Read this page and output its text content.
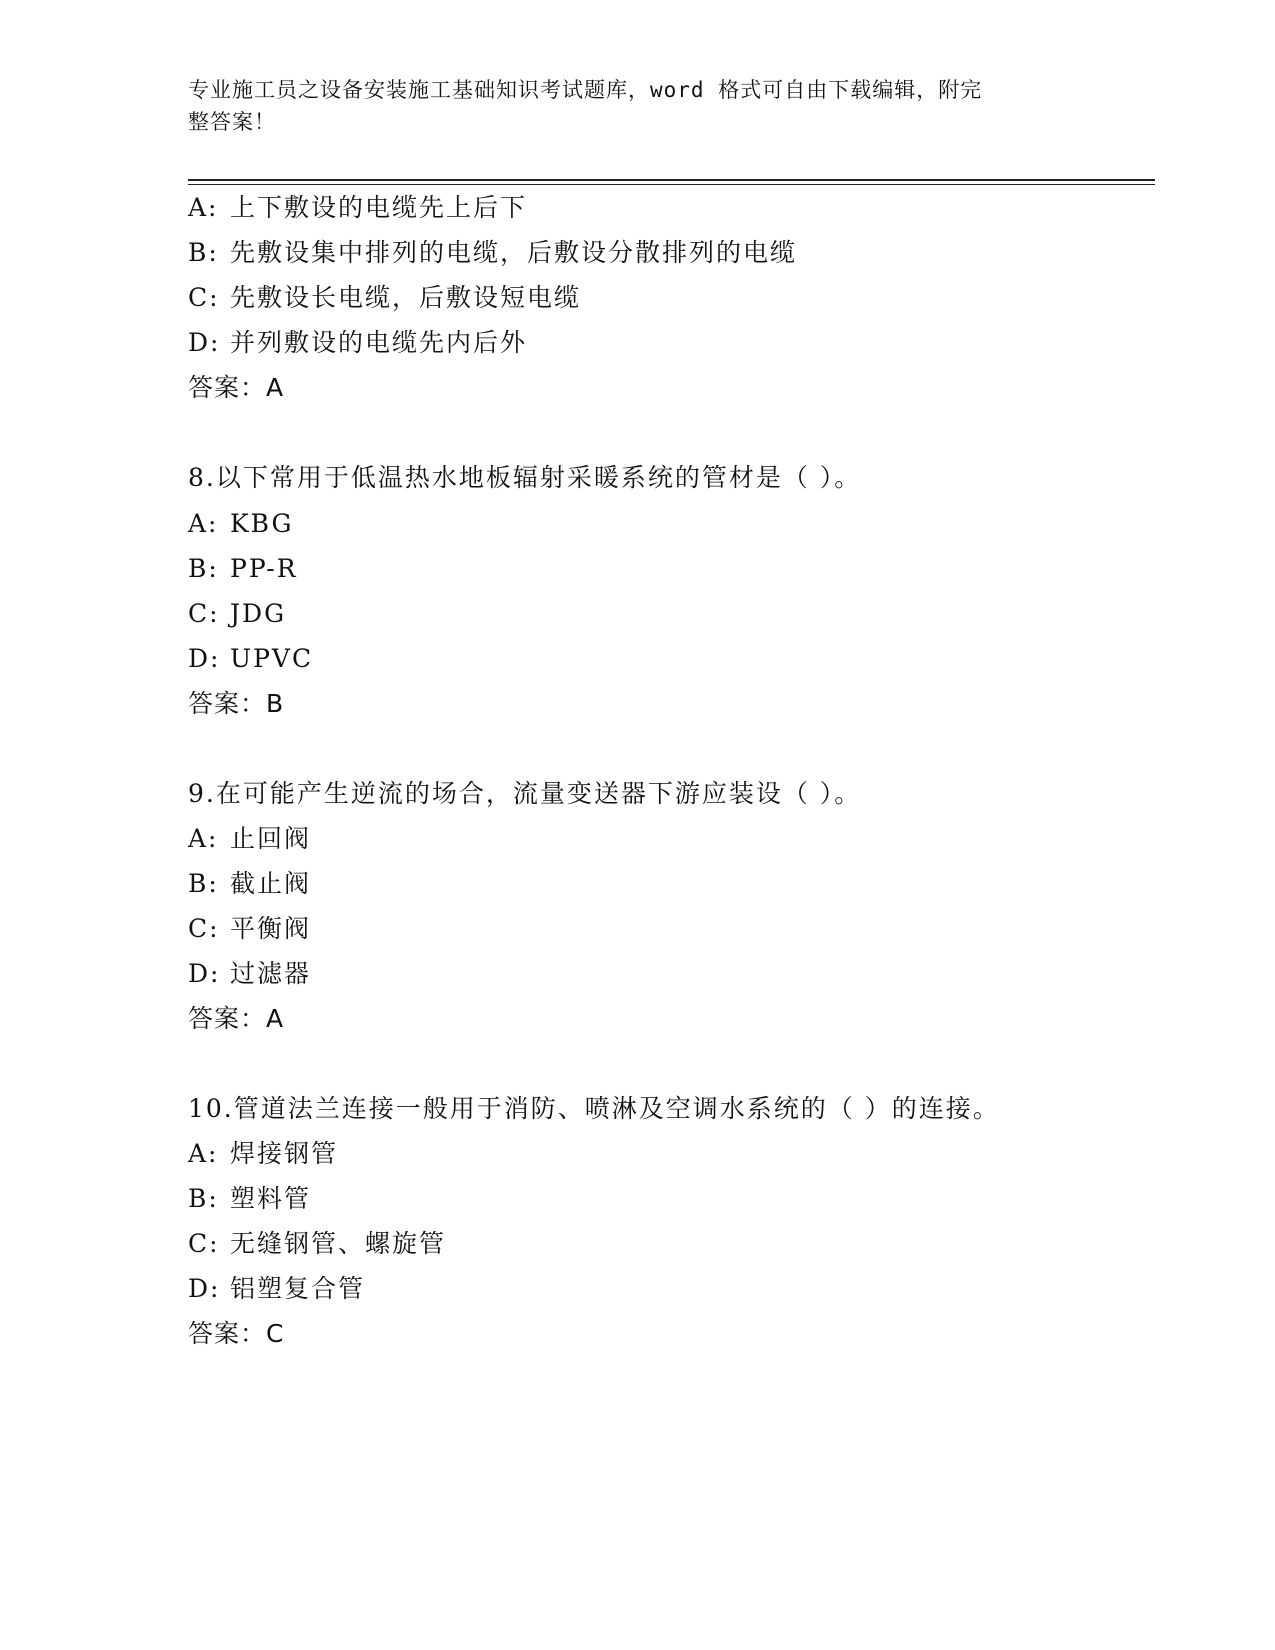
专业施工员之设备安装施工基础知识考试题库，word 格式可自由下载编辑，附完
整答案！
A: 上下敷设的电缆先上后下
B: 先敷设集中排列的电缆，后敷设分散排列的电缆
C: 先敷设长电缆，后敷设短电缆
D: 并列敷设的电缆先内后外
答案：A
8.以下常用于低温热水地板辐射采暖系统的管材是（ ）。
A: KBG
B: PP-R
C: JDG
D: UPVC
答案：B
9.在可能产生逆流的场合，流量变送器下游应装设（ ）。
A: 止回阀
B: 截止阀
C: 平衡阀
D: 过滤器
答案：A
10.管道法兰连接一般用于消防、喷淋及空调水系统的（ ）的连接。
A: 焊接钢管
B: 塑料管
C: 无缝钢管、螺旋管
D: 铝塑复合管
答案：C
